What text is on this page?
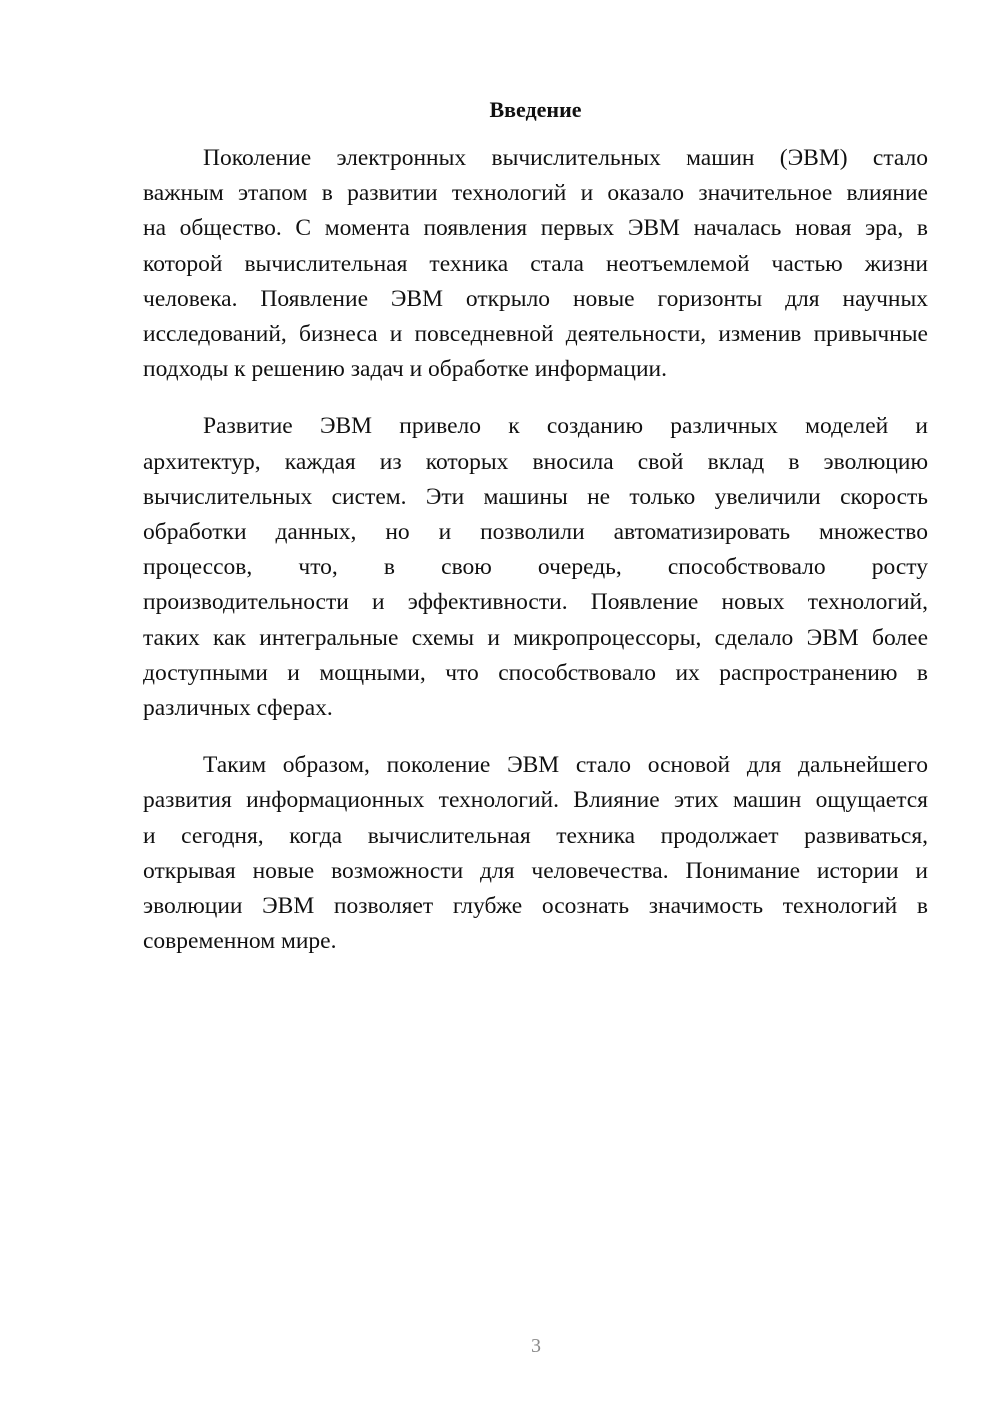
Введение

Поколение электронных вычислительных машин (ЭВМ) стало
важным этапом в развитии технологий и оказало значительное влияние
на общество. С момента появления первых ЭВМ началась новая эра, в
которой вычислительная техника стала неотъемлемой частью жизни
человека. Появление ЭВМ открыло новые горизонты для научных
исследований, бизнеса и повседневной деятельности, изменив привычные
подходы к решению задач и обработке информации.

Развитие ЭВМ привело к созданию различных моделей и
архитектур, каждая из которых вносила свой вклад в эволюцию
вычислительных систем. Эти машины не только увеличили скорость
обработки данных, но и позволили автоматизировать множество
процессов, что, в свою очередь, способствовало росту
производительности и эффективности. Появление новых технологий,
таких как интегральные схемы и микропроцессоры, сделало ЭВМ более
доступными и мощными, что способствовало их распространению в
различных сферах.

Таким образом, поколение ЭВМ стало основой для дальнейшего
развития информационных технологий. Влияние этих машин ощущается
и сегодня, когда вычислительная техника продолжает развиваться,
открывая новые возможности для человечества. Понимание истории и
эволюции ЭВМ позволяет глубже осознать значимость технологий в
современном мире.

3
